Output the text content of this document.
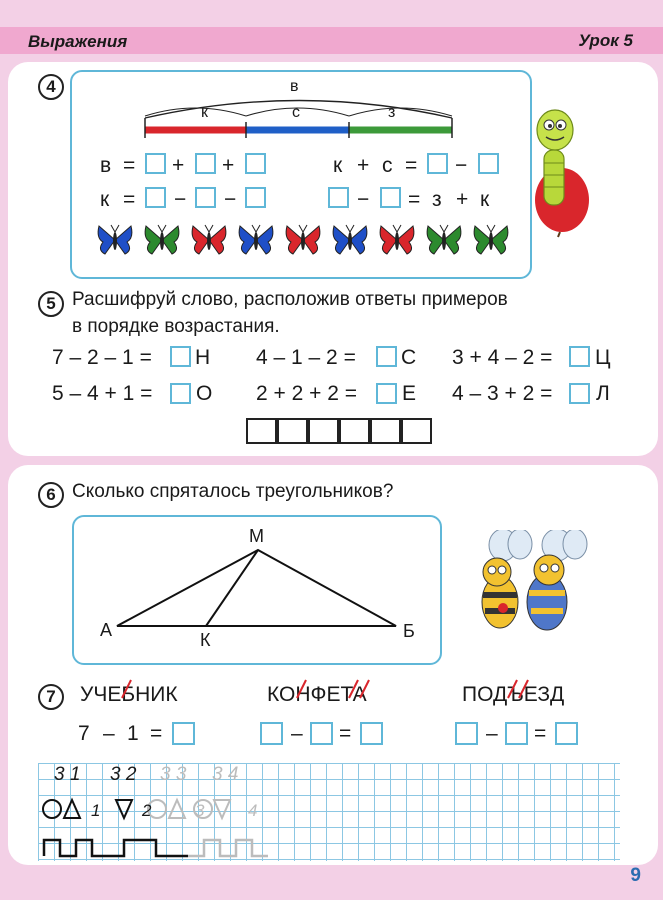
Выражения	Урок 5
4	в
к	с	з
в = + +	к + с = −
к = − −	− = з + к
5 Расшифруй слово, расположив ответы примеров
в порядке возрастания.
7 – 2 – 1 = Н 4 – 1 – 2 = С 3 + 4 – 2 = Ц
5 – 4 + 1 = О 2 + 2 + 2 = Е 4 – 3 + 2 = Л
6 Сколько спряталось треугольников?
М
А	К	Б
7	УЧЕБНИК	КОНФЕТА	ПОДЪЕЗД
7 – 1 =	– =	– =
3 1 3 2 3 3 3 4
1 2	3	4
9
